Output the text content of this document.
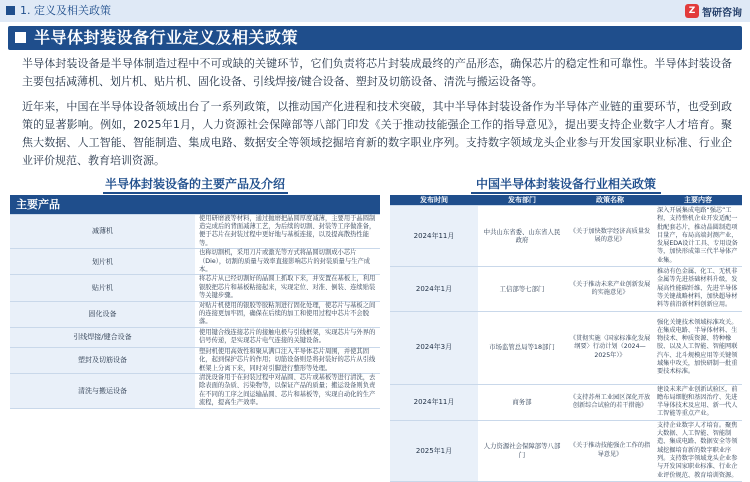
1. 定义及相关政策	Z 智研咨询
半导体封装设备行业定义及相关政策

半导体封装设备是半导体制造过程中不可或缺的关键环节，它们负责将芯片封装成最终的产品形态，确保芯片的稳定性和可靠性。半导体封装设备主要包括减薄机、划片机、贴片机、固化设备、引线焊接/键合设备、塑封及切筋设备、清洗与搬运设备等。

近年来，中国在半导体设备领域出台了一系列政策，以推动国产化进程和技术突破，其中半导体封装设备作为半导体产业链的重要环节，也受到政策的显著影响。例如，2025年1月，人力资源社会保障部等八部门印发《关于推动技能强企工作的指导意见》，提出要支持企业数字人才培育。聚焦大数据、人工智能、智能制造、集成电路、数据安全等领域挖掘培育新的数字职业序列。支持数字领域龙头企业参与开发国家职业标准、行业企业评价规范、教育培训资源。

半导体封装设备的主要产品及介绍
主要产品	
减薄机	使用研磨液等材料，通过抛磨把晶圆厚度减薄，主要用于晶圆制造完成后的背面减薄工艺，为后续的切割、封装等工序做准备，便于芯片在封装过程中更好地与基板连接，以及提高散热性能等。
划片机	也称切割机，采用刀片或激光等方式将晶圆切割成小芯片（Die），切割的质量与效率直接影响芯片的封装质量与生产成本。
贴片机	将芯片从已经切割好的晶圆上抓取下来，并安置在基板上，利用银胶把芯片和基板粘接起来，实现定位、对准、倒装、连续贴装等关键步骤。
固化设备	对贴片机使用的银胶等胶粘剂进行固化处理，使芯片与基板之间的连接更加牢固，确保在后续的加工和使用过程中芯片不会脱落。
引线焊接/键合设备	使用键合线连接芯片的接触电极与引线框架，实现芯片与外界的信号传递，是实现芯片电气连接的关键设备。
塑封及切筋设备	塑封机使用高效性和聚从满口注入半导体芯片周围，并使其固化，起到保护芯片的作用；切筋设备则是将封装好的芯片从引线框架上分离下来，同时对引脚进行整形等处理。
清洗与搬运设备	清洗设备用于在封装过程中对晶圆、芯片或基板等进行清洗，去除表面的杂质、污染物等，以保证产品的质量；搬运设备则负责在不同的工序之间运输晶圆、芯片和基板等，实现自动化的生产流程，提高生产效率。
中国半导体封装设备行业相关政策
发布时间	发布部门	政策名称	主要内容
2024年11月	中共山东省委、山东省人民政府	《关于加快数字经济高质量发展的意见》	深入开展集成电路“强芯”工程，支持整机企业开发适配一批配套芯片，推动晶圆制造项目量产，布局高端封测产业，发展EDA设计工具、专用设备等，加快形成第三代半导体产业集。
2024年1月	工信部等七部门	《关于推动未来产业创新发展的实施意见》	推动有色金属、化工、无机非金属等先进基础材料升级，发展高性能碳纤维、先进半导体等关键战略材料，加快超导材料等前沿新材料创新应用。
2024年3月	市场监管总局等18部门	《贯彻实施〈国家标准化发展纲要〉行动计划（2024—2025年）》	强化关键技术领域标准攻关。在集成电路、半导体材料、生物技术、种质资源、特种橡胶、以及人工智能、智能网联汽车、北斗规模应用等关键领域集中攻关，加快研制一批重要技术标准。
2024年11月	商务部	《支持苏州工业园区深化开放创新综合试验的若干措施》	建设未来产业创新试验区，前瞻布局细胞和基因治疗、先进半导体技术及应用、新一代人工智能等重点产业。
2025年1月	人力资源社会保障部等八部门	《关于推动技能强企工作的指导意见》	支持企业数字人才培育。聚焦大数据、人工智能、智能制造、集成电路、数据安全等领域挖掘培育新的数字职业序列。支持数字领域龙头企业参与开发国家职业标准、行业企业评价规范、教育培训资源。
